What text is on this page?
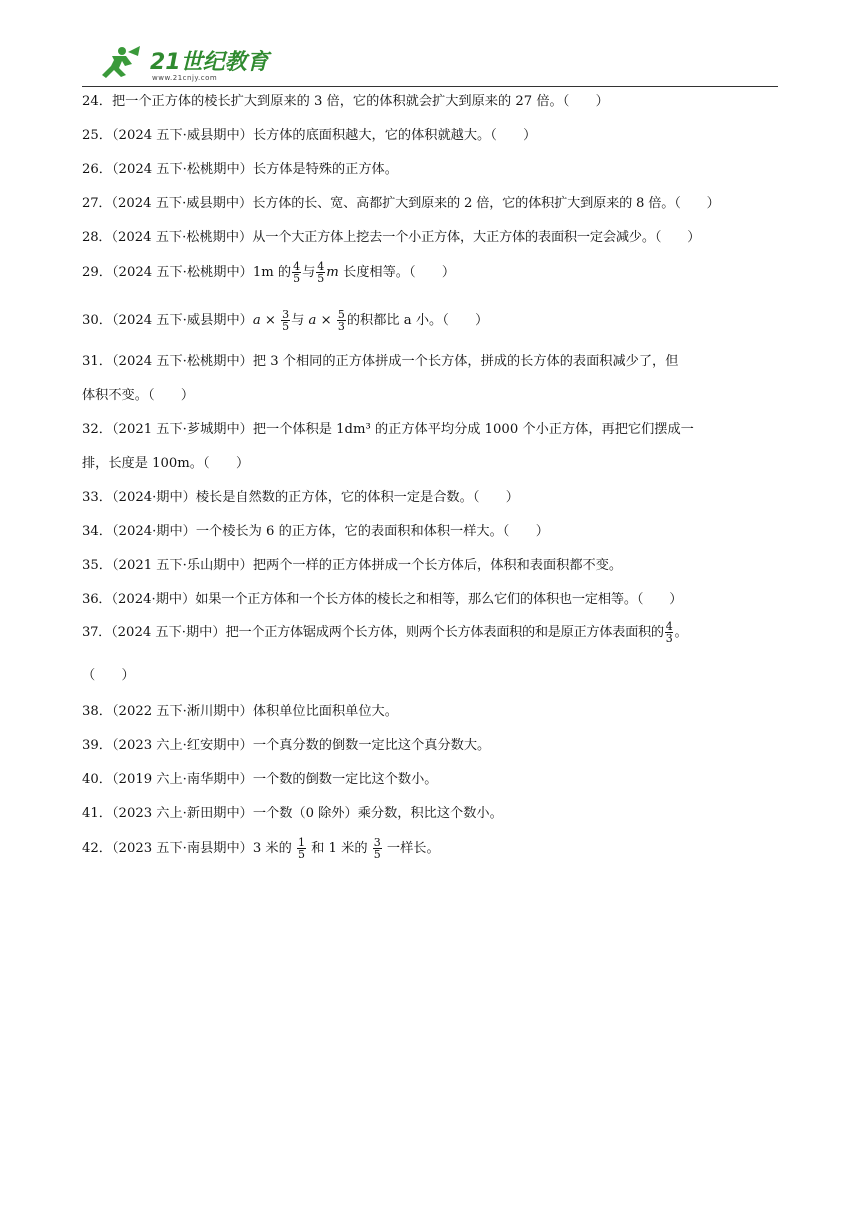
21世纪教育
www.21cnjy.com
24．把一个正方体的棱长扩大到原来的 3 倍，它的体积就会扩大到原来的 27 倍。（　　）
25．（2024 五下·威县期中）长方体的底面积越大，它的体积就越大。（　　）
26．（2024 五下·松桃期中）长方体是特殊的正方体。
27．（2024 五下·威县期中）长方体的长、宽、高都扩大到原来的 2 倍，它的体积扩大到原来的 8 倍。（　　）
28．（2024 五下·松桃期中）从一个大正方体上挖去一个小正方体，大正方体的表面积一定会减少。（　　）
29．（2024 五下·松桃期中）1m 的 $\frac{4}{5}$ 与 $\frac{4}{5}$ m 长度相等。（　　）
30．（2024 五下·威县期中）$a \times \frac{3}{5}$ 与 $a \times \frac{5}{3}$ 的积都比 a 小。（　　）
31．（2024 五下·松桃期中）把 3 个相同的正方体拼成一个长方体，拼成的长方体的表面积减少了，但
体积不变。（　　）
32．（2021 五下·芗城期中）把一个体积是 1dm³ 的正方体平均分成 1000 个小正方体，再把它们摆成一
排，长度是 100m。（　　）
33．（2024·期中）棱长是自然数的正方体，它的体积一定是合数。（　　）
34．（2024·期中）一个棱长为 6 的正方体，它的表面积和体积一样大。（　　）
35．（2021 五下·乐山期中）把两个一样的正方体拼成一个长方体后，体积和表面积都不变。
36．（2024·期中）如果一个正方体和一个长方体的棱长之和相等，那么它们的体积也一定相等。（　　）
37．（2024 五下·期中）把一个正方体锯成两个长方体，则两个长方体表面积的和是原正方体表面积的 $\frac{4}{3}$ 。
（　　）
38．（2022 五下·淅川期中）体积单位比面积单位大。
39．（2023 六上·红安期中）一个真分数的倒数一定比这个真分数大。
40．（2019 六上·南华期中）一个数的倒数一定比这个数小。
41．（2023 六上·新田期中）一个数（0 除外）乘分数，积比这个数小。
42．（2023 五下·南县期中）3 米的 $\frac{1}{5}$ 和 1 米的 $\frac{3}{5}$ 一样长。
